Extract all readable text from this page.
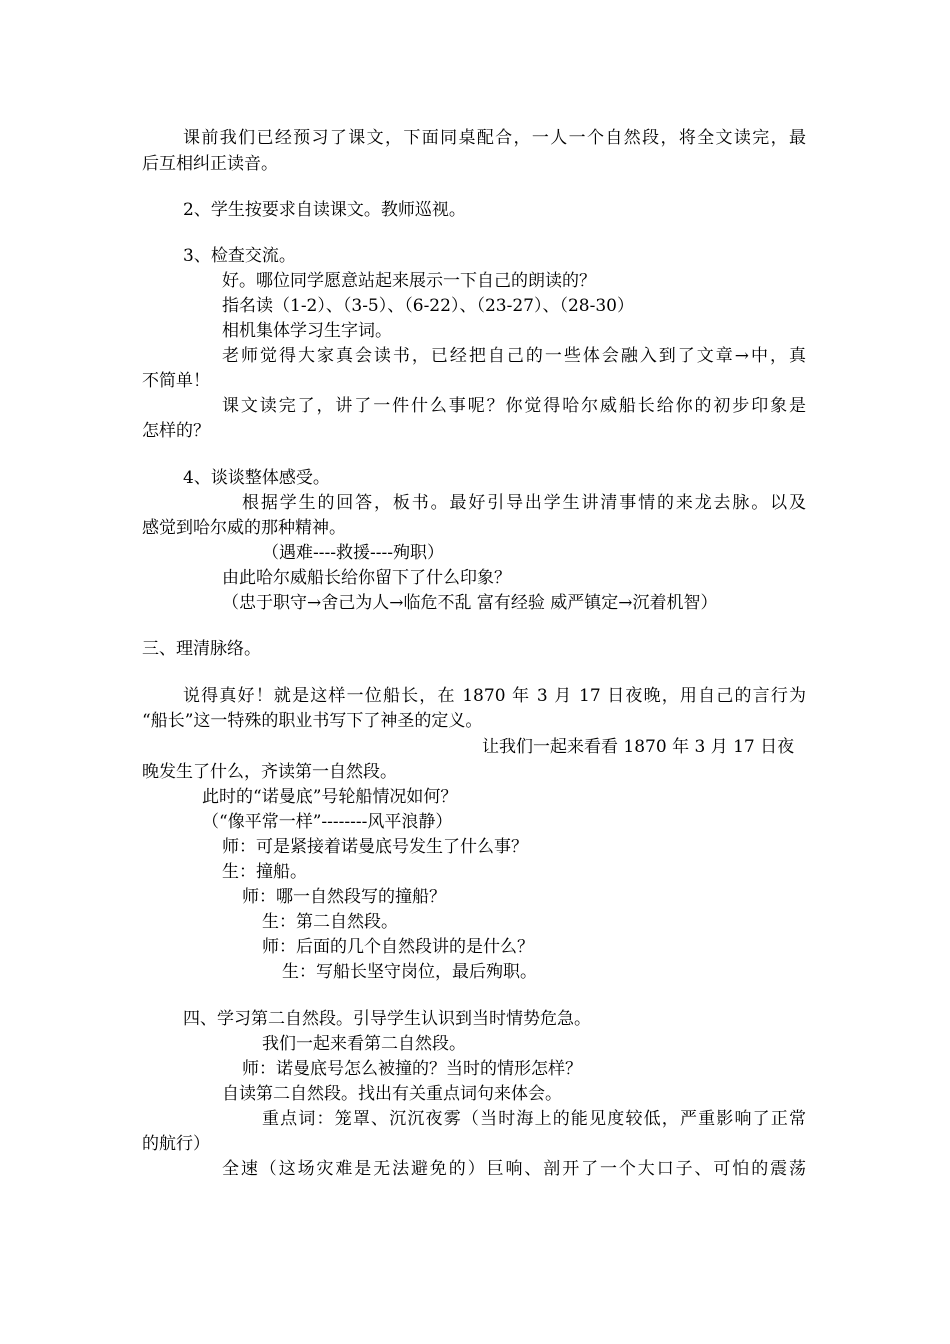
课前我们已经预习了课文，下面同桌配合，一人一个自然段，将全文读完，最

后互相纠正读音。

2、学生按要求自读课文。教师巡视。

3、检查交流。

好。哪位同学愿意站起来展示一下自己的朗读的？

指名读（1-2）、（3-5）、（6-22）、（23-27）、（28-30）

相机集体学习生字词。

老师觉得大家真会读书，已经把自己的一些体会融入到了文章→中，真

不简单！

课文读完了，讲了一件什么事呢？你觉得哈尔威船长给你的初步印象是

怎样的？

4、谈谈整体感受。

根据学生的回答，板书。最好引导出学生讲清事情的来龙去脉。以及

感觉到哈尔威的那种精神。

（遇难----救援----殉职）

由此哈尔威船长给你留下了什么印象？

（忠于职守→舍己为人→临危不乱 富有经验 威严镇定→沉着机智）

三、理清脉络。

说得真好！就是这样一位船长，在 1870 年 3 月 17 日夜晚，用自己的言行为

“船长”这一特殊的职业书写下了神圣的定义。

让我们一起来看看 1870 年 3 月 17 日夜

晚发生了什么，齐读第一自然段。

此时的“诺曼底”号轮船情况如何？

（“像平常一样”--------风平浪静）

师：可是紧接着诺曼底号发生了什么事？

生：撞船。

师：哪一自然段写的撞船？

生：第二自然段。

师：后面的几个自然段讲的是什么？

生：写船长坚守岗位，最后殉职。

四、学习第二自然段。引导学生认识到当时情势危急。

我们一起来看第二自然段。

师：诺曼底号怎么被撞的？当时的情形怎样？

自读第二自然段。找出有关重点词句来体会。

重点词：笼罩、沉沉夜雾（当时海上的能见度较低，严重影响了正常

的航行）

全速（这场灾难是无法避免的）巨响、剖开了一个大口子、可怕的震荡
